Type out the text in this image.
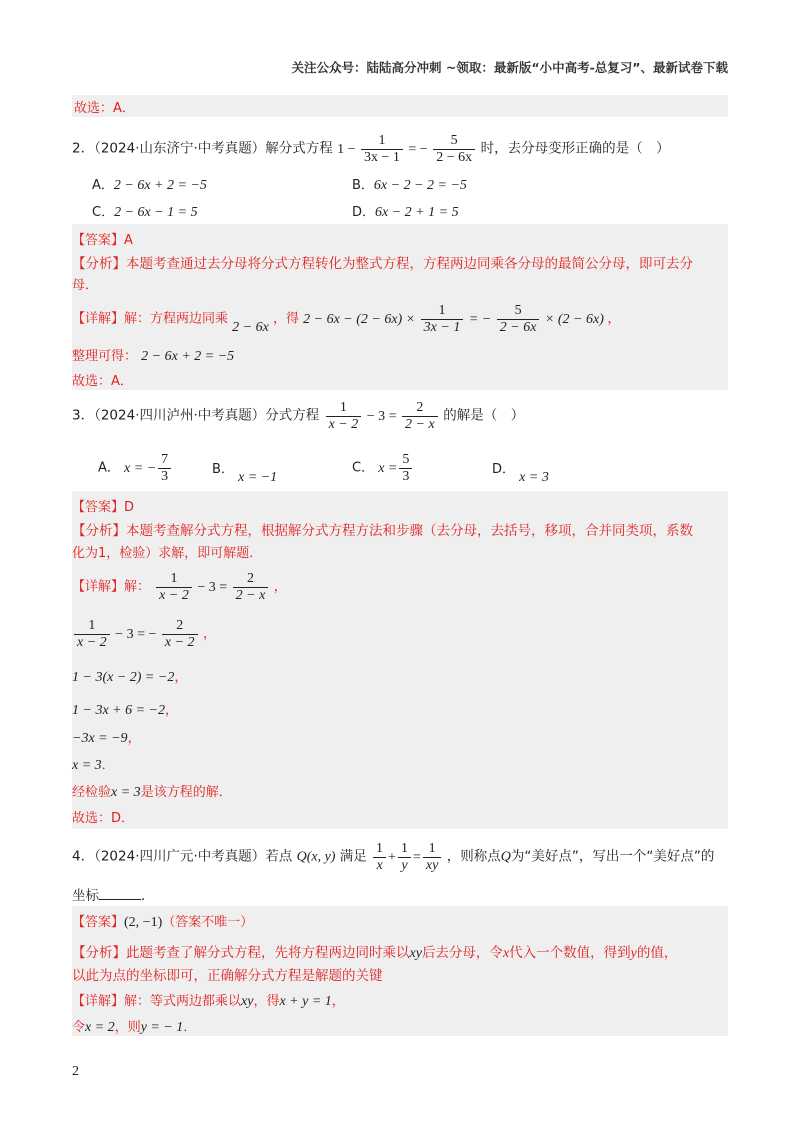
关注公众号：陆陆高分冲刺 ~领取：最新版“小中高考-总复习”、最新试卷下载
故选：A．
2．（2024·山东济宁·中考真题）解分式方程 $1 - \frac{1}{3x - 1}$ = − $\frac{5}{2 - 6x}$ 时，去分母变形正确的是（　）
A．2 − 6x + 2 = −5	B．6x − 2 − 2 = −5
C．2 − 6x − 1 = 5	D．6x − 2 + 1 = 5
【答案】A
【分析】本题考查通过去分母将分式方程转化为整式方程，方程两边同乘各分母的最简公分母，即可去分
母．
【详解】解：方程两边同乘 2 − 6x ，得 $2 - 6x - (2 - 6x) \times \frac{1}{3x - 1}$ = − $\frac{5}{2 - 6x} \times (2 - 6x)$ ，
整理可得： 2 − 6x + 2 = −5
故选：A．
3．（2024·四川泸州·中考真题）分式方程 $\frac{1}{x - 2} - 3 = \frac{2}{2 - x}$ 的解是（　）
A． x = − $\frac{7}{3}$	B． x = −1
C． $x = \frac{5}{3}$	D． x = 3
【答案】D
【分析】本题考查解分式方程，根据解分式方程方法和步骤（去分母，去括号，移项，合并同类项，系数
化为1，检验）求解，即可解题．
【详解】解： $\frac{1}{x - 2} - 3 = \frac{2}{2 - x}$ ，
$\frac{1}{x - 2} - 3$ = − $\frac{2}{x - 2}$ ，
1 − 3(x − 2) = −2，
1 − 3x + 6 = −2，
−3x = −9，
x = 3．
经检验x = 3是该方程的解．
故选：D．
4．（2024·四川广元·中考真题）若点 Q(x, y) 满足 $\frac{1}{x} + \frac{1}{y} = \frac{1}{xy}$ ，则称点Q为“美好点”，写出一个“美好点”的
坐标	．
【答案】(2, −1)（答案不唯一）
【分析】此题考查了解分式方程，先将方程两边同时乘以xy后去分母，令x代入一个数值，得到y的值，
以此为点的坐标即可，正确解分式方程是解题的关键
【详解】解：等式两边都乘以xy，得x + y = 1，
令x = 2，则y = − 1．
2
